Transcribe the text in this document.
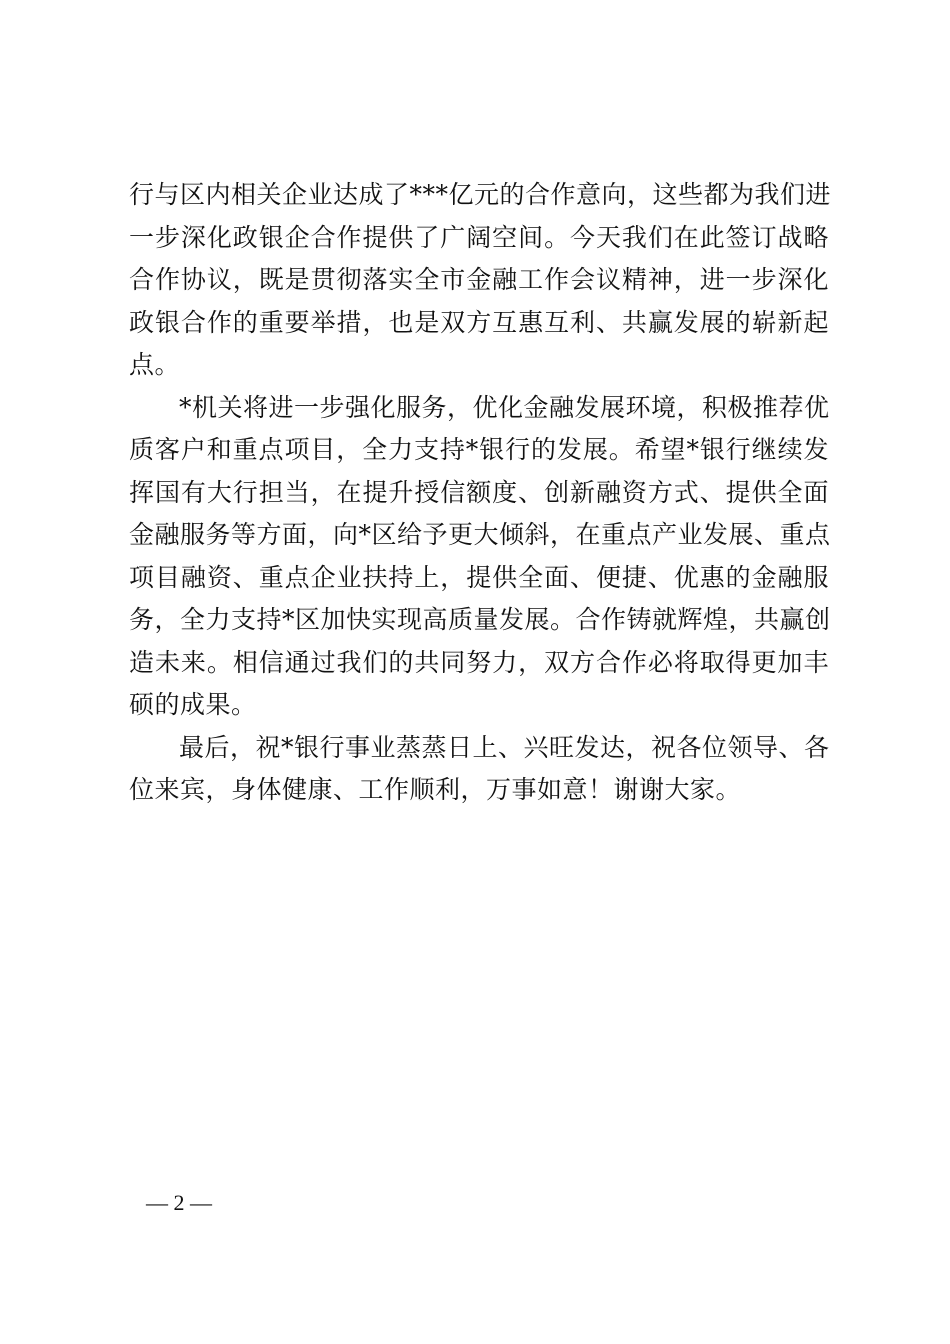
行与区内相关企业达成了***亿元的合作意向，这些都为我们进
一步深化政银企合作提供了广阔空间。今天我们在此签订战略
合作协议，既是贯彻落实全市金融工作会议精神，进一步深化
政银合作的重要举措，也是双方互惠互利、共赢发展的崭新起
点。
*机关将进一步强化服务，优化金融发展环境，积极推荐优
质客户和重点项目，全力支持*银行的发展。希望*银行继续发
挥国有大行担当，在提升授信额度、创新融资方式、提供全面
金融服务等方面，向*区给予更大倾斜，在重点产业发展、重点
项目融资、重点企业扶持上，提供全面、便捷、优惠的金融服
务，全力支持*区加快实现高质量发展。合作铸就辉煌，共赢创
造未来。相信通过我们的共同努力，双方合作必将取得更加丰
硕的成果。
最后，祝*银行事业蒸蒸日上、兴旺发达，祝各位领导、各
位来宾，身体健康、工作顺利，万事如意！谢谢大家。
— 2 —
